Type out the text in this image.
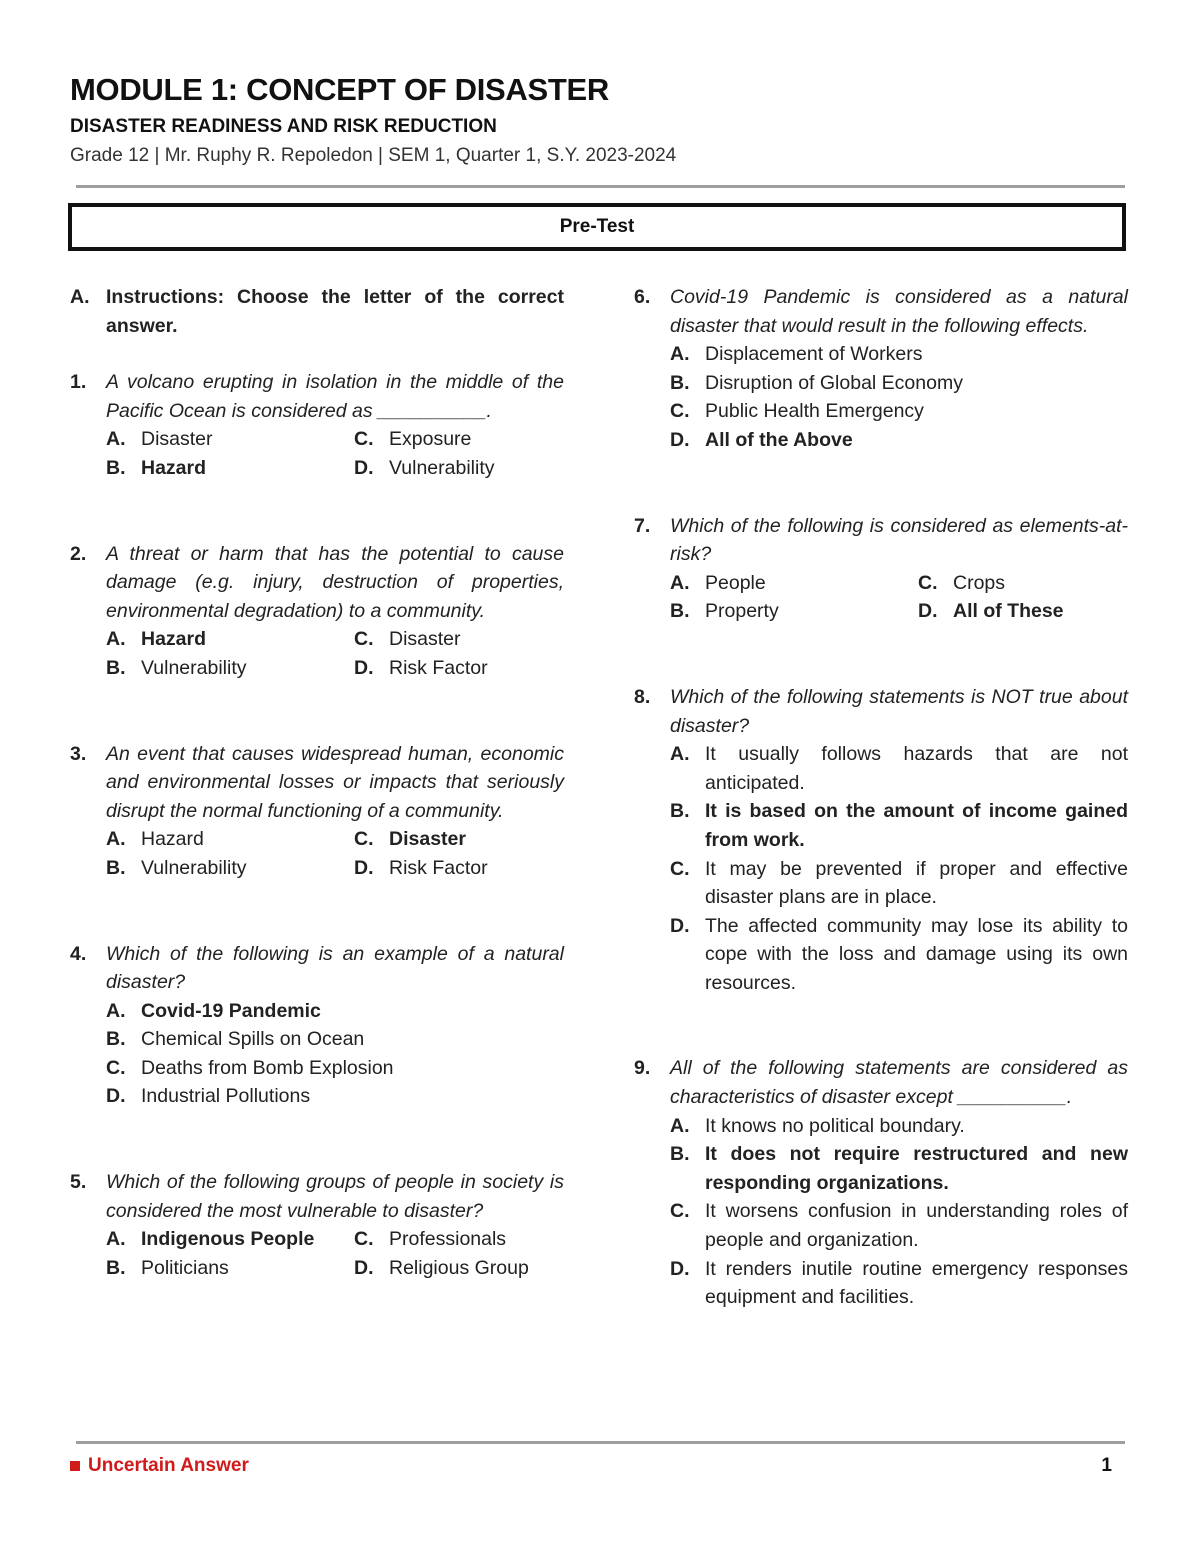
MODULE 1: CONCEPT OF DISASTER
DISASTER READINESS AND RISK REDUCTION
Grade 12 | Mr. Ruphy R. Repoledon | SEM 1, Quarter 1, S.Y. 2023-2024
Pre-Test
A. Instructions: Choose the letter of the correct answer.
1.	A volcano erupting in isolation in the middle of the Pacific Ocean is considered as __________.
A. Disaster	C. Exposure
B. Hazard	D. Vulnerability
2.	A threat or harm that has the potential to cause damage (e.g. injury, destruction of properties, environmental degradation) to a community.
A. Hazard	C. Disaster
B. Vulnerability	D. Risk Factor
3.	An event that causes widespread human, economic and environmental losses or impacts that seriously disrupt the normal functioning of a community.
A. Hazard	C. Disaster
B. Vulnerability	D. Risk Factor
4.	Which of the following is an example of a natural disaster?
A. Covid-19 Pandemic
B. Chemical Spills on Ocean
C. Deaths from Bomb Explosion
D. Industrial Pollutions
5.	Which of the following groups of people in society is considered the most vulnerable to disaster?
A. Indigenous People	C. Professionals
B. Politicians	D. Religious Group
6.	Covid-19 Pandemic is considered as a natural disaster that would result in the following effects.
A. Displacement of Workers
B. Disruption of Global Economy
C. Public Health Emergency
D. All of the Above
7.	Which of the following is considered as elements-at-risk?
A. People	C. Crops
B. Property	D. All of These
8.	Which of the following statements is NOT true about disaster?
A. It usually follows hazards that are not anticipated.
B. It is based on the amount of income gained from work.
C. It may be prevented if proper and effective disaster plans are in place.
D. The affected community may lose its ability to cope with the loss and damage using its own resources.
9.	All of the following statements are considered as characteristics of disaster except __________.
A. It knows no political boundary.
B. It does not require restructured and new responding organizations.
C. It worsens confusion in understanding roles of people and organization.
D. It renders inutile routine emergency responses equipment and facilities.
Uncertain Answer	1
